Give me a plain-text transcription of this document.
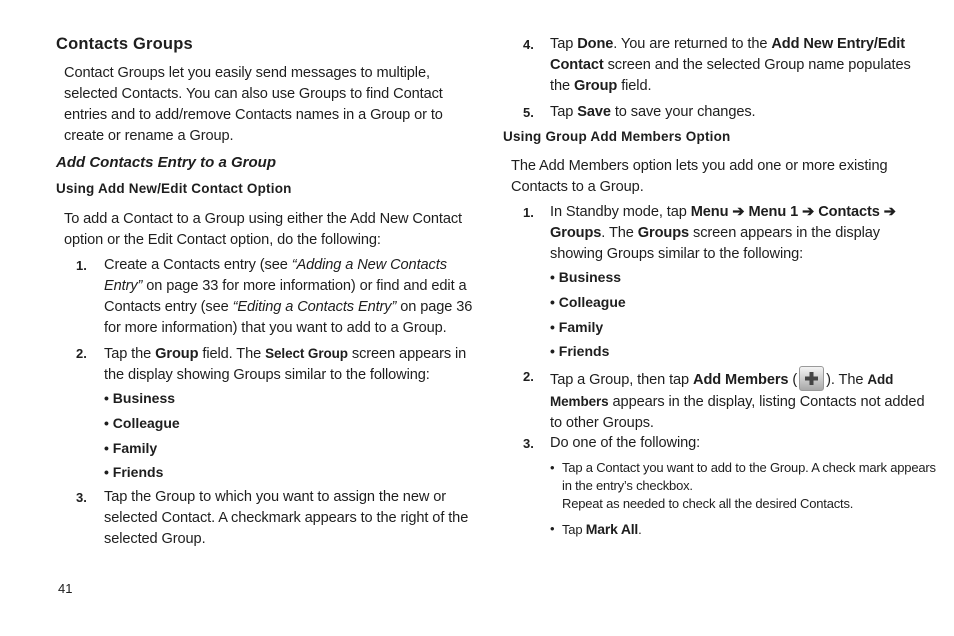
Contacts Groups
Contact Groups let you easily send messages to multiple,
selected Contacts. You can also use Groups to find Contact
entries and to add/remove Contacts names in a Group or to
create or rename a Group.
Add Contacts Entry to a Group
Using Add New/Edit Contact Option
To add a Contact to a Group using either the Add New Contact
option or the Edit Contact option, do the following:
1. Create a Contacts entry (see “Adding a New Contacts
Entry” on page 33 for more information) or find and edit a
Contacts entry (see “Editing a Contacts Entry” on page 36
for more information) that you want to add to a Group.
2. Tap the Group field. The Select Group screen appears in
the display showing Groups similar to the following:
• Business
• Colleague
• Family
• Friends
3. Tap the Group to which you want to assign the new or
selected Contact. A checkmark appears to the right of the
selected Group.
41
4. Tap Done. You are returned to the Add New Entry/Edit
Contact screen and the selected Group name populates
the Group field.
5. Tap Save to save your changes.
Using Group Add Members Option
The Add Members option lets you add one or more existing
Contacts to a Group.
1. In Standby mode, tap Menu ➔ Menu 1 ➔ Contacts ➔
Groups. The Groups screen appears in the display
showing Groups similar to the following:
• Business
• Colleague
• Family
• Friends
2. Tap a Group, then tap Add Members ( ). The Add
Members appears in the display, listing Contacts not added
to other Groups.
3. Do one of the following:
• Tap a Contact you want to add to the Group. A check mark appears
in the entry’s checkbox.
Repeat as needed to check all the desired Contacts.
• Tap Mark All.
